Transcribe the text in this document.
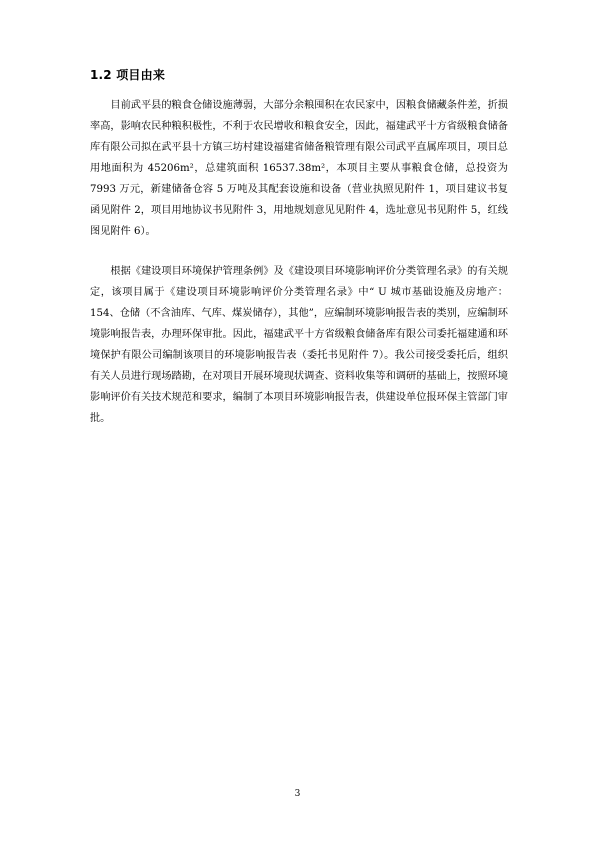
1.2 项目由来

目前武平县的粮食仓储设施薄弱，大部分余粮囤积在农民家中，因粮食储藏条件差，折损率高，影响农民种粮积极性，不利于农民增收和粮食安全，因此，福建武平十方省级粮食储备库有限公司拟在武平县十方镇三坊村建设福建省储备粮管理有限公司武平直属库项目，项目总用地面积为 45206m²，总建筑面积 16537.38m²，本项目主要从事粮食仓储，总投资为 7993 万元，新建储备仓容 5 万吨及其配套设施和设备（营业执照见附件 1，项目建议书复函见附件 2，项目用地协议书见附件 3，用地规划意见见附件 4，选址意见书见附件 5，红线图见附件 6）。

根据《建设项目环境保护管理条例》及《建设项目环境影响评价分类管理名录》的有关规定，该项目属于《建设项目环境影响评价分类管理名录》中“ U 城市基础设施及房地产：154、仓储（不含油库、气库、煤炭储存），其他”，应编制环境影响报告表的类别，应编制环境影响报告表，办理环保审批。因此，福建武平十方省级粮食储备库有限公司委托福建通和环境保护有限公司编制该项目的环境影响报告表（委托书见附件 7）。我公司接受委托后，组织有关人员进行现场踏勘，在对项目开展环境现状调查、资料收集等和调研的基础上，按照环境影响评价有关技术规范和要求，编制了本项目环境影响报告表，供建设单位报环保主管部门审批。

3
